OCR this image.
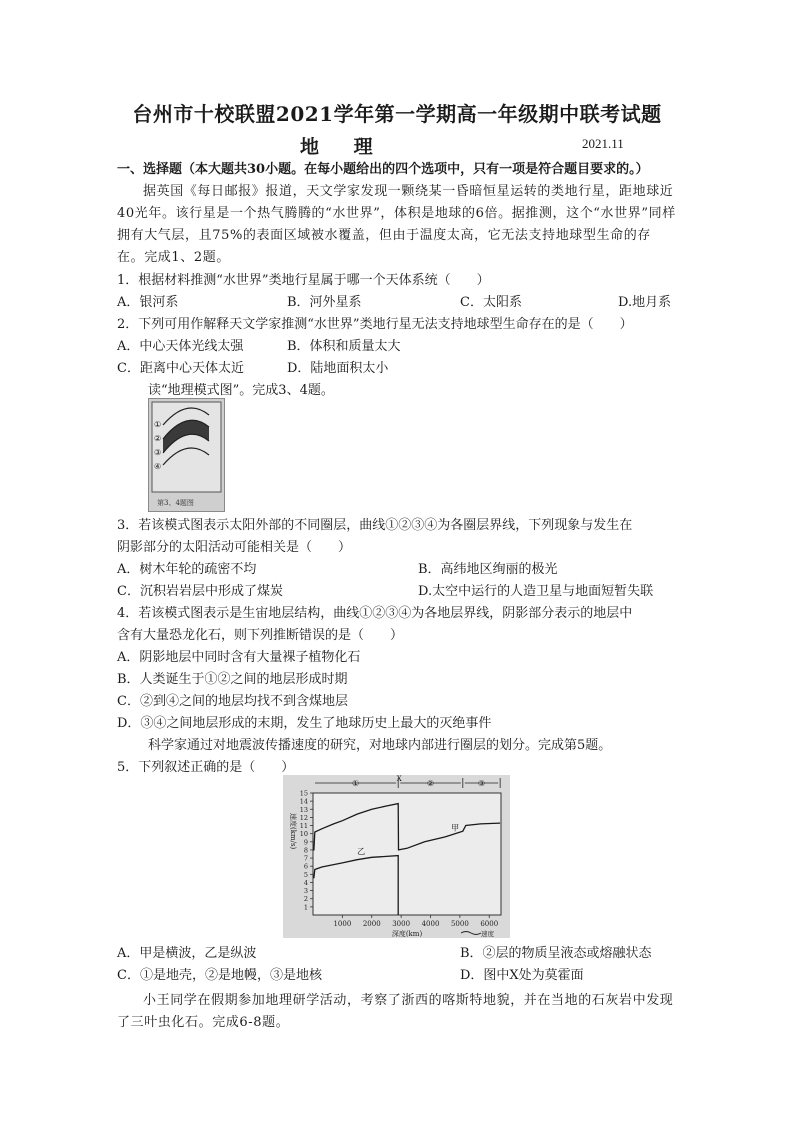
台州市十校联盟2021学年第一学期高一年级期中联考试题
地 理	2021.11
一、选择题（本大题共30小题。在每小题给出的四个选项中，只有一项是符合题目要求的。）
据英国《每日邮报》报道，天文学家发现一颗绕某一昏暗恒星运转的类地行星，距地球近40光年。该行星是一个热气腾腾的“水世界”，体积是地球的6倍。据推测，这个“水世界”同样拥有大气层，且75%的表面区域被水覆盖，但由于温度太高，它无法支持地球型生命的存在。完成1、2题。
1．根据材料推测“水世界”类地行星属于哪一个天体系统（　　）
A．银河系	B．河外星系	C．太阳系	D.地月系
2．下列可用作解释天文学家推测“水世界”类地行星无法支持地球型生命存在的是（　　）
A．中心天体光线太强	B．体积和质量太大
C．距离中心天体太近	D．陆地面积太小
读“地理模式图”。完成3、4题。
①
②
③
④
第3、4题图
3．若该模式图表示太阳外部的不同圈层，曲线①②③④为各圈层界线，下列现象与发生在
阴影部分的太阳活动可能相关是（　　）
A．树木年轮的疏密不均	B．高纬地区绚丽的极光
C．沉积岩岩层中形成了煤炭	D.太空中运行的人造卫星与地面短暂失联
4．若该模式图表示是生宙地层结构，曲线①②③④为各地层界线，阴影部分表示的地层中
含有大量恐龙化石，则下列推断错误的是（　　）
A．阴影地层中同时含有大量裸子植物化石
B．人类诞生于①②之间的地层形成时期
C．②到④之间的地层均找不到含煤地层
D．③④之间地层形成的末期，发生了地球历史上最大的灭绝事件
科学家通过对地震波传播速度的研究，对地球内部进行圈层的划分。完成第5题。
5．下列叙述正确的是（　　）
1
2
3
4
5
6
7
8
9
10
11
12
13
14
15
1000 2000 3000 4000 5000 6000
深度(km)
速度(km/s)
速度
①	②	③
X
甲
乙
A．甲是横波，乙是纵波	B．②层的物质呈液态或熔融状态
C．①是地壳，②是地幔，③是地核	D．图中X处为莫霍面
小王同学在假期参加地理研学活动，考察了浙西的喀斯特地貌，并在当地的石灰岩中发现了三叶虫化石。完成6-8题。
